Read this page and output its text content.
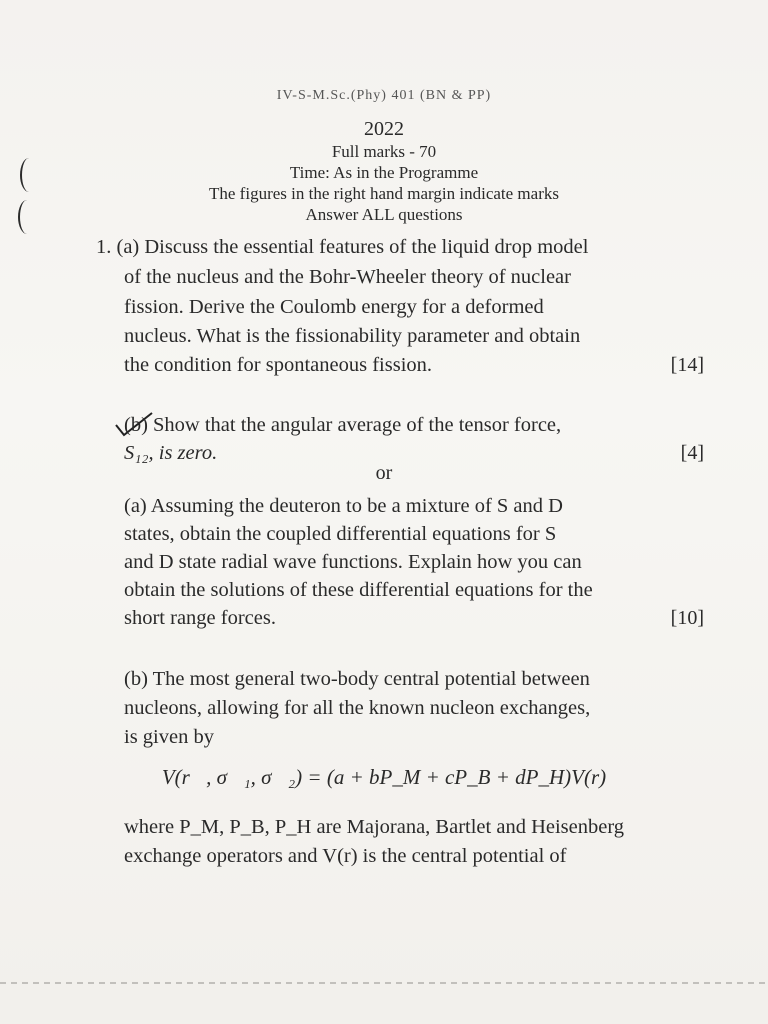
IV-S-M.Sc.(Phy) 401 (BN & PP)
2022
Full marks - 70
Time: As in the Programme
The figures in the right hand margin indicate marks
Answer ALL questions
1. (a) Discuss the essential features of the liquid drop model
of the nucleus and the Bohr-Wheeler theory of nuclear
fission. Derive the Coulomb energy for a deformed
nucleus. What is the fissionability parameter and obtain
the condition for spontaneous fission.	[14]
(b) Show that the angular average of the tensor force,
S₁₂, is zero.	[4]
or
(a) Assuming the deuteron to be a mixture of S and D
states, obtain the coupled differential equations for S
and D state radial wave functions. Explain how you can
obtain the solutions of these differential equations for the
short range forces.	[10]
(b) The most general two-body central potential between
nucleons, allowing for all the known nucleon exchanges,
is given by
V(r⃗, σ⃗₁, σ⃗₂) = (a + bP_M + cP_B + dP_H)V(r)
where P_M, P_B, P_H are Majorana, Bartlet and Heisenberg
exchange operators and V(r) is the central potential of
